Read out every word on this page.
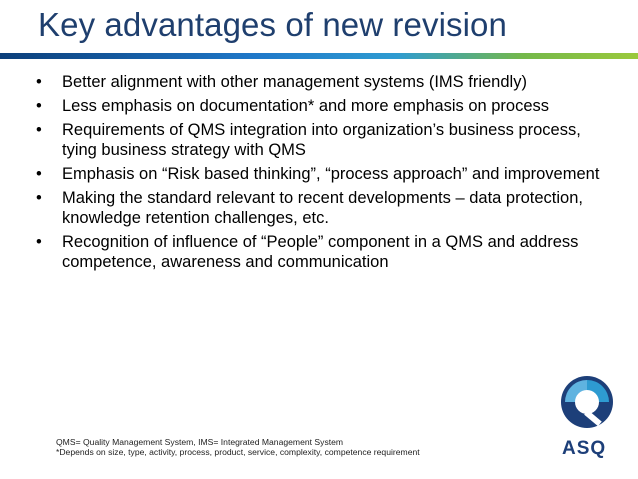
Key advantages of new revision
• Better alignment with other management systems (IMS friendly)
• Less emphasis on documentation* and more emphasis on process
• Requirements of QMS integration into organization’s business process, tying business strategy with QMS
• Emphasis on “Risk based thinking”, “process approach” and improvement
• Making the standard relevant to recent developments – data protection, knowledge retention challenges, etc.
• Recognition of influence of “People” component in a QMS and address competence, awareness and communication
QMS= Quality Management System, IMS= Integrated Management System
*Depends on size, type, activity, process, product, service, complexity, competence requirement	ASQ
